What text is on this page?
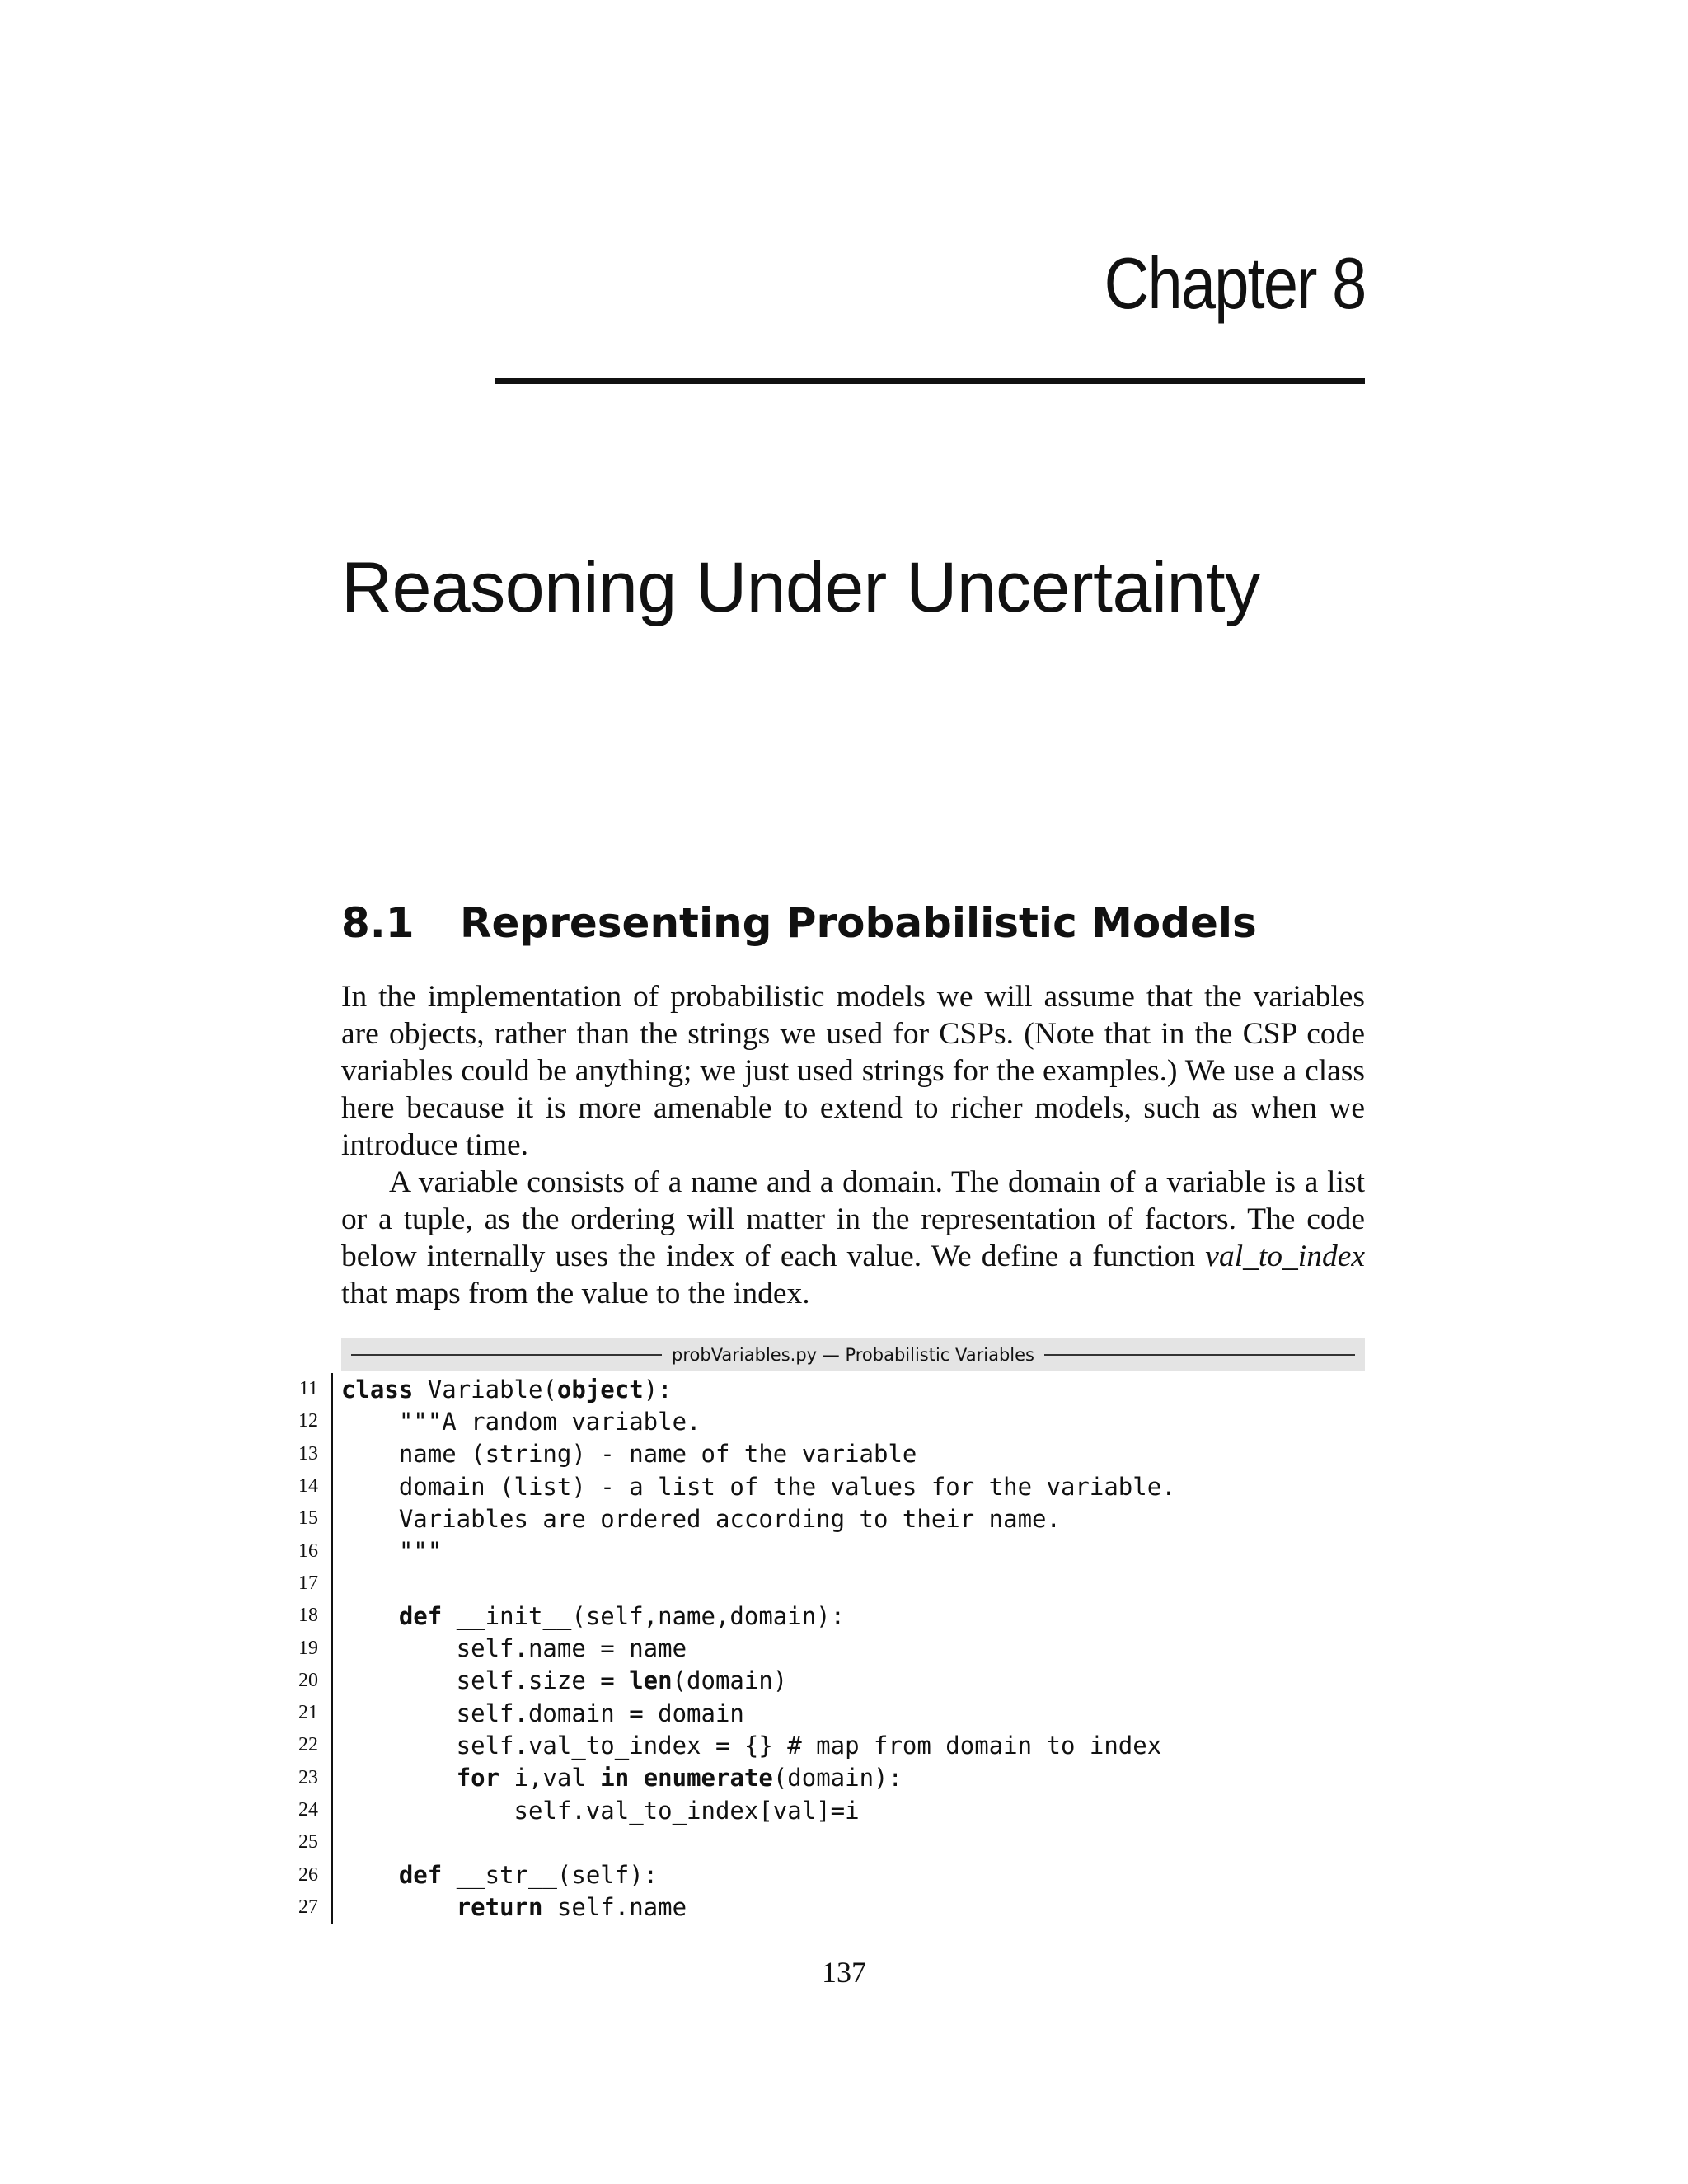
Chapter 8
Reasoning Under Uncertainty
8.1 Representing Probabilistic Models
In the implementation of probabilistic models we will assume that the variables are objects, rather than the strings we used for CSPs. (Note that in the CSP code variables could be anything; we just used strings for the examples.) We use a class here because it is more amenable to extend to richer models, such as when we introduce time.
A variable consists of a name and a domain. The domain of a variable is a list or a tuple, as the ordering will matter in the representation of factors. The code below internally uses the index of each value. We define a function val_to_index that maps from the value to the index.
probVariables.py — Probabilistic Variables
11 class Variable(object):
12 """A random variable.
13 name (string) - name of the variable
14 domain (list) - a list of the values for the variable.
15 Variables are ordered according to their name.
16 """
17
18	def __init__(self,name,domain):
19 self.name = name
20 self.size = len(domain)
21 self.domain = domain
22 self.val_to_index = {} # map from domain to index
23	for i,val in enumerate(domain):
24 self.val_to_index[val]=i
25
26	def __str__(self):
27	return self.name
137
